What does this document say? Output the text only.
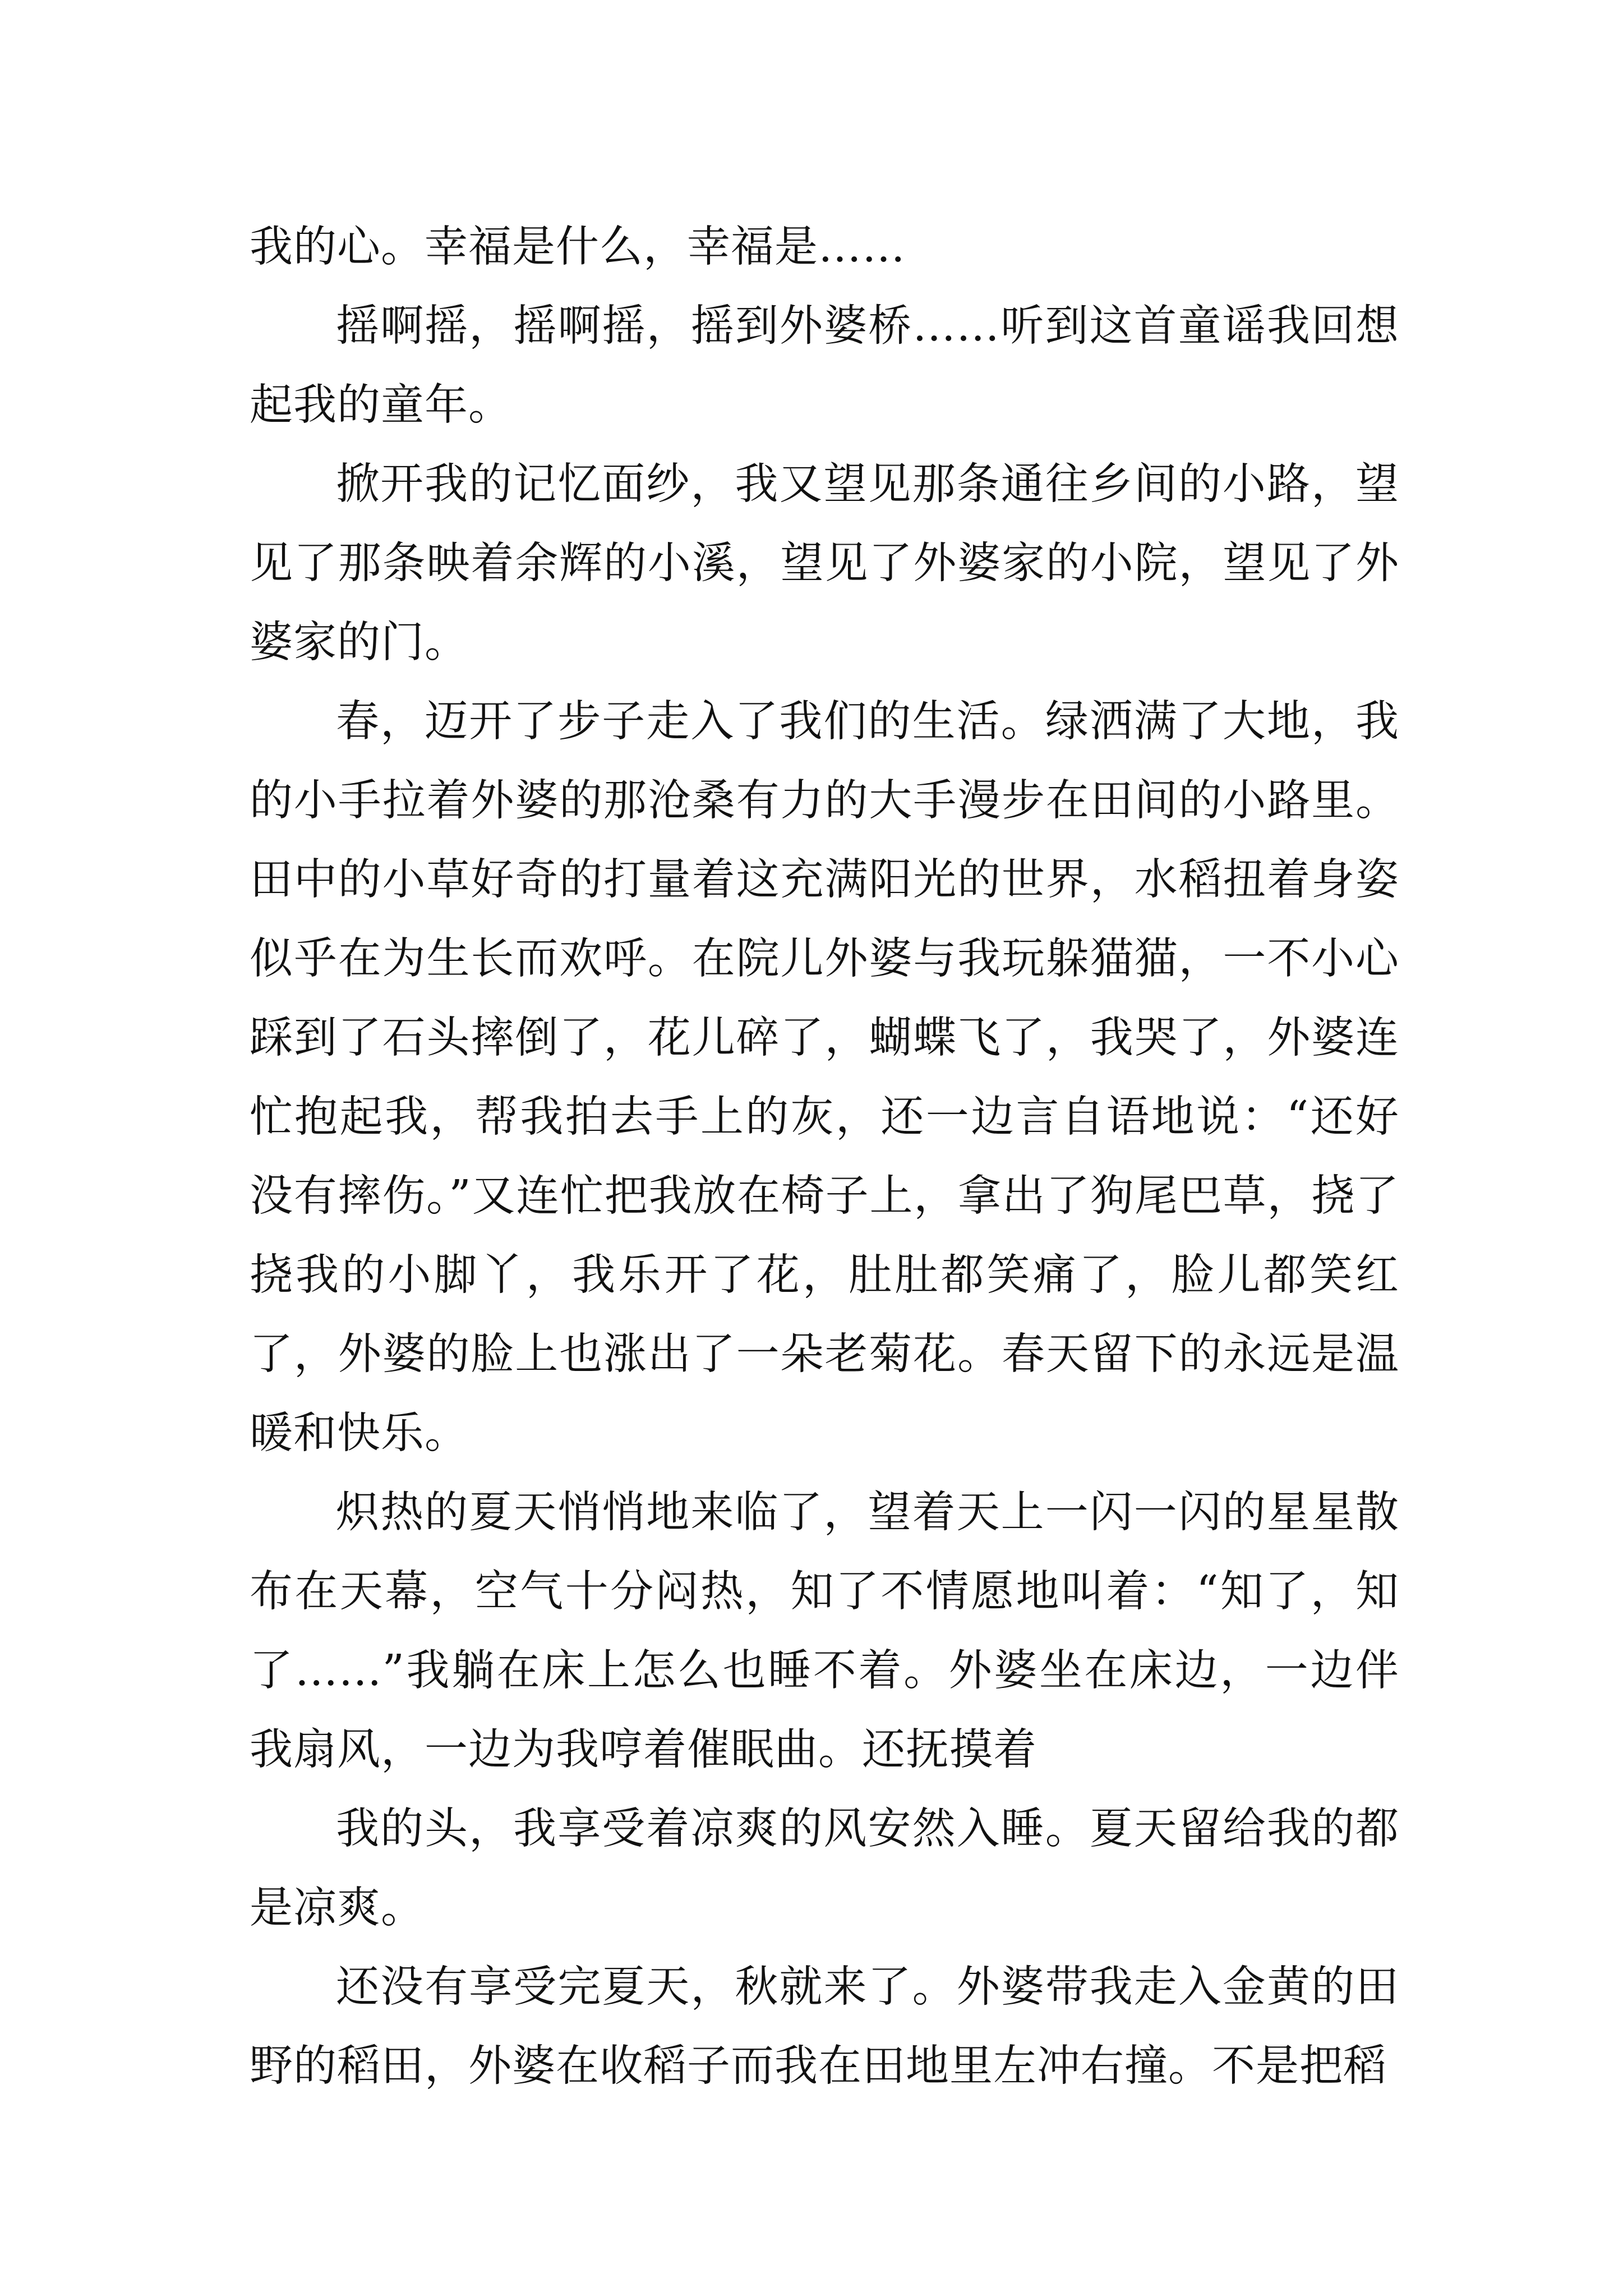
我的心。幸福是什么，幸福是……

摇啊摇，摇啊摇，摇到外婆桥……听到这首童谣我回想起我的童年。

掀开我的记忆面纱，我又望见那条通往乡间的小路，望见了那条映着余辉的小溪，望见了外婆家的小院，望见了外婆家的门。

春，迈开了步子走入了我们的生活。绿洒满了大地，我的小手拉着外婆的那沧桑有力的大手漫步在田间的小路里。田中的小草好奇的打量着这充满阳光的世界，水稻扭着身姿似乎在为生长而欢呼。在院儿外婆与我玩躲猫猫，一不小心踩到了石头摔倒了，花儿碎了，蝴蝶飞了，我哭了，外婆连忙抱起我，帮我拍去手上的灰，还一边言自语地说：“还好没有摔伤。”又连忙把我放在椅子上，拿出了狗尾巴草，挠了挠我的小脚丫，我乐开了花，肚肚都笑痛了，脸儿都笑红了，外婆的脸上也涨出了一朵老菊花。春天留下的永远是温暖和快乐。

炽热的夏天悄悄地来临了，望着天上一闪一闪的星星散布在天幕，空气十分闷热，知了不情愿地叫着：“知了，知了……”我躺在床上怎么也睡不着。外婆坐在床边，一边伴我扇风，一边为我哼着催眠曲。还抚摸着

我的头，我享受着凉爽的风安然入睡。夏天留给我的都是凉爽。

还没有享受完夏天，秋就来了。外婆带我走入金黄的田野的稻田，外婆在收稻子而我在田地里左冲右撞。不是把稻
